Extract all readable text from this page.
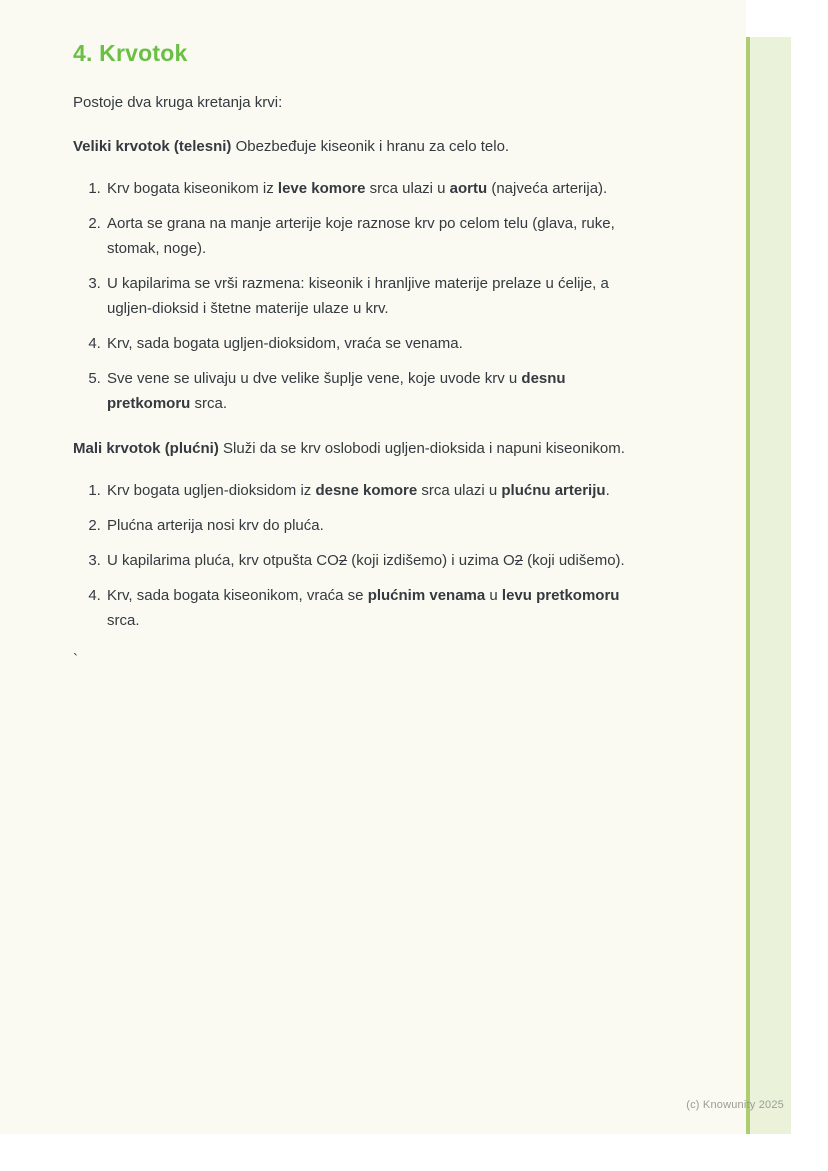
4. Krvotok

Postoje dva kruga kretanja krvi:

Veliki krvotok (telesni) Obezbeđuje kiseonik i hranu za celo telo.

1. Krv bogata kiseonikom iz leve komore srca ulazi u aortu (najveća arterija).
2. Aorta se grana na manje arterije koje raznose krv po celom telu (glava, ruke, stomak, noge).
3. U kapilarima se vrši razmena: kiseonik i hranljive materije prelaze u ćelije, a ugljen-dioksid i štetne materije ulaze u krv.
4. Krv, sada bogata ugljen-dioksidom, vraća se venama.
5. Sve vene se ulivaju u dve velike šuplje vene, koje uvode krv u desnu pretkomoru srca.

Mali krvotok (plućni) Služi da se krv oslobodi ugljen-dioksida i napuni kiseonikom.

1. Krv bogata ugljen-dioksidom iz desne komore srca ulazi u plućnu arteriju.
2. Plućna arterija nosi krv do pluća.
3. U kapilarima pluća, krv otpušta CO2 (koji izdišemo) i uzima O2 (koji udišemo).
4. Krv, sada bogata kiseonikom, vraća se plućnim venama u levu pretkomoru srca.

`

(c) Knowunity 2025
